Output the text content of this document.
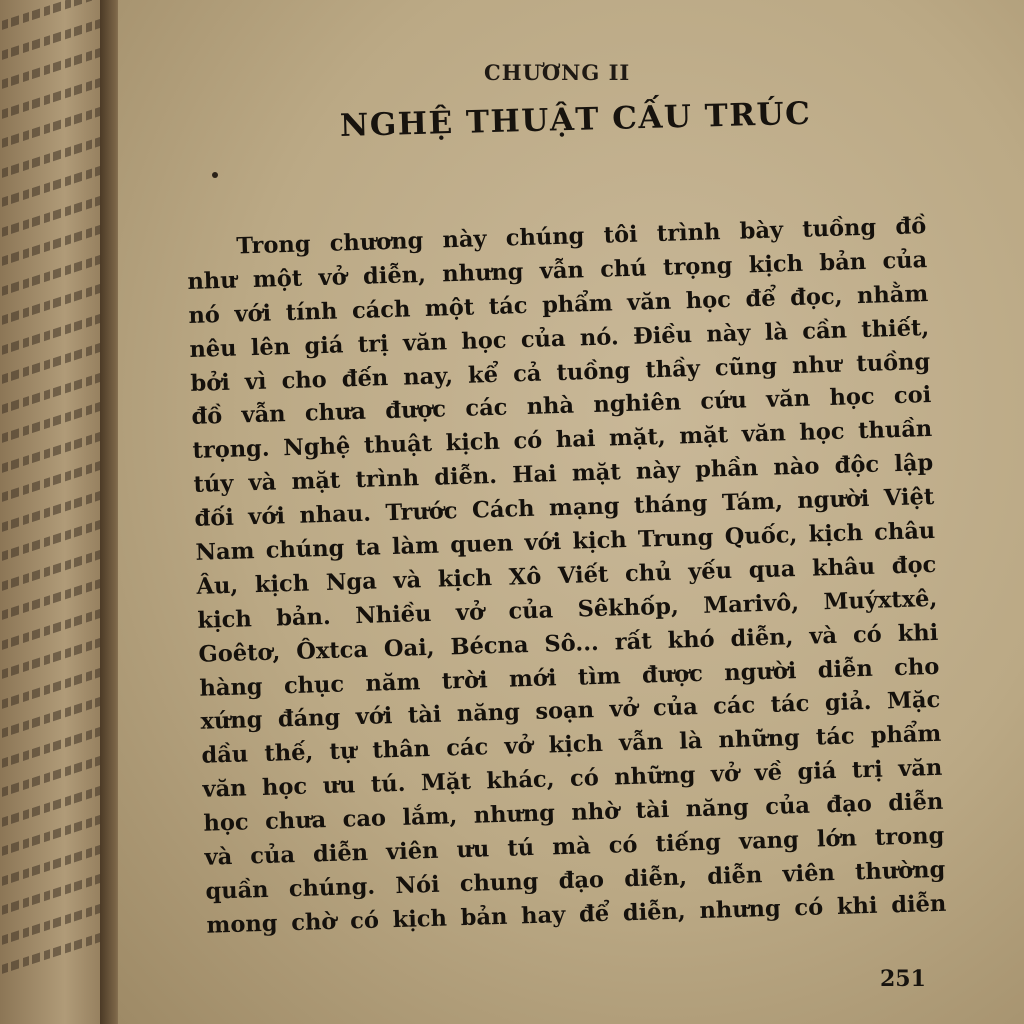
CHƯƠNG II
NGHỆ THUẬT CẤU TRÚC
Trong chương này chúng tôi trình bày tuồng đồ
như một vở diễn, nhưng vẫn chú trọng kịch bản của
nó với tính cách một tác phẩm văn học để đọc, nhằm
nêu lên giá trị văn học của nó. Điều này là cần thiết,
bởi vì cho đến nay, kể cả tuồng thầy cũng như tuồng
đồ vẫn chưa được các nhà nghiên cứu văn học coi
trọng. Nghệ thuật kịch có hai mặt, mặt văn học thuần
túy và mặt trình diễn. Hai mặt này phần nào độc lập
đối với nhau. Trước Cách mạng tháng Tám, người Việt
Nam chúng ta làm quen với kịch Trung Quốc, kịch châu
Âu, kịch Nga và kịch Xô Viết chủ yếu qua khâu đọc
kịch bản. Nhiều vở của Sêkhốp, Marivô, Muýxtxê,
Goêtơ, Ôxtca Oai, Bécna Sô... rất khó diễn, và có khi
hàng chục năm trời mới tìm được người diễn cho
xứng đáng với tài năng soạn vở của các tác giả. Mặc
dầu thế, tự thân các vở kịch vẫn là những tác phẩm
văn học ưu tú. Mặt khác, có những vở về giá trị văn
học chưa cao lắm, nhưng nhờ tài năng của đạo diễn
và của diễn viên ưu tú mà có tiếng vang lớn trong
quần chúng. Nói chung đạo diễn, diễn viên thường
mong chờ có kịch bản hay để diễn, nhưng có khi diễn
251
